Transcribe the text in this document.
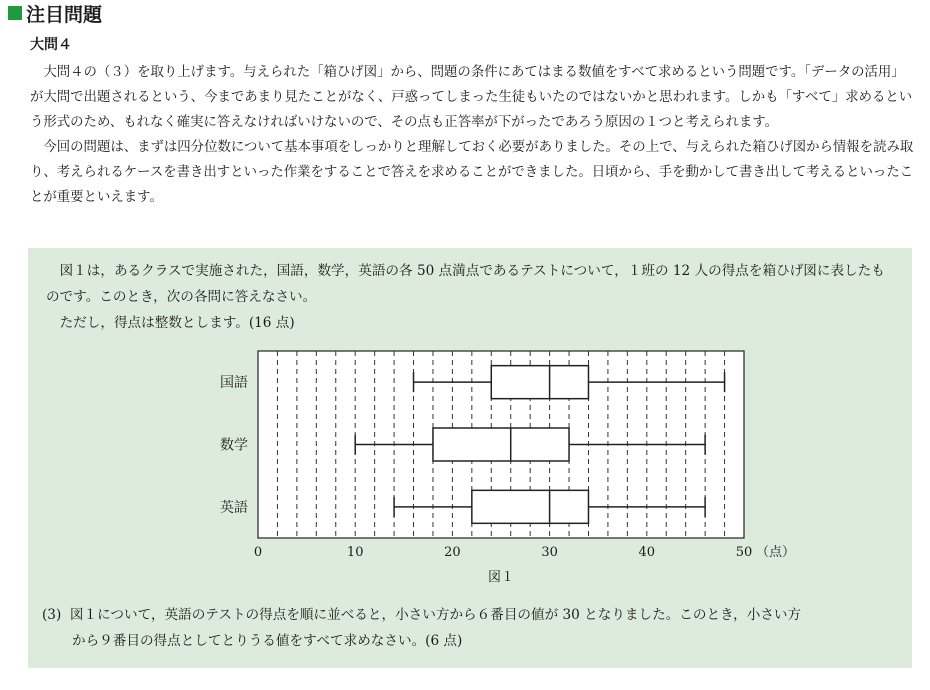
注目問題
大問４

大問４の（３）を取り上げます。与えられた「箱ひげ図」から、問題の条件にあてはまる数値をすべて求めるという問題です。「データの活用」が大問で出題されるという、今まであまり見たことがなく、戸惑ってしまった生徒もいたのではないかと思われます。しかも「すべて」求めるという形式のため、もれなく確実に答えなければいけないので、その点も正答率が下がったであろう原因の１つと考えられます。

今回の問題は、まずは四分位数について基本事項をしっかりと理解しておく必要がありました。その上で、与えられた箱ひげ図から情報を読み取り、考えられるケースを書き出すといった作業をすることで答えを求めることができました。日頃から、手を動かして書き出して考えるといったことが重要といえます。

図１は，あるクラスで実施された，国語，数学，英語の各 50 点満点であるテストについて，１班の 12 人の得点を箱ひげ図に表したものです。このとき，次の各問に答えなさい。

ただし，得点は整数とします。(16 点)

国語
数学
英語
0	10	20	30	40	50 （点）
図１

(3) 図１について，英語のテストの得点を順に並べると，小さい方から６番目の値が 30 となりました。このとき，小さい方

から９番目の得点としてとりうる値をすべて求めなさい。(6 点)
